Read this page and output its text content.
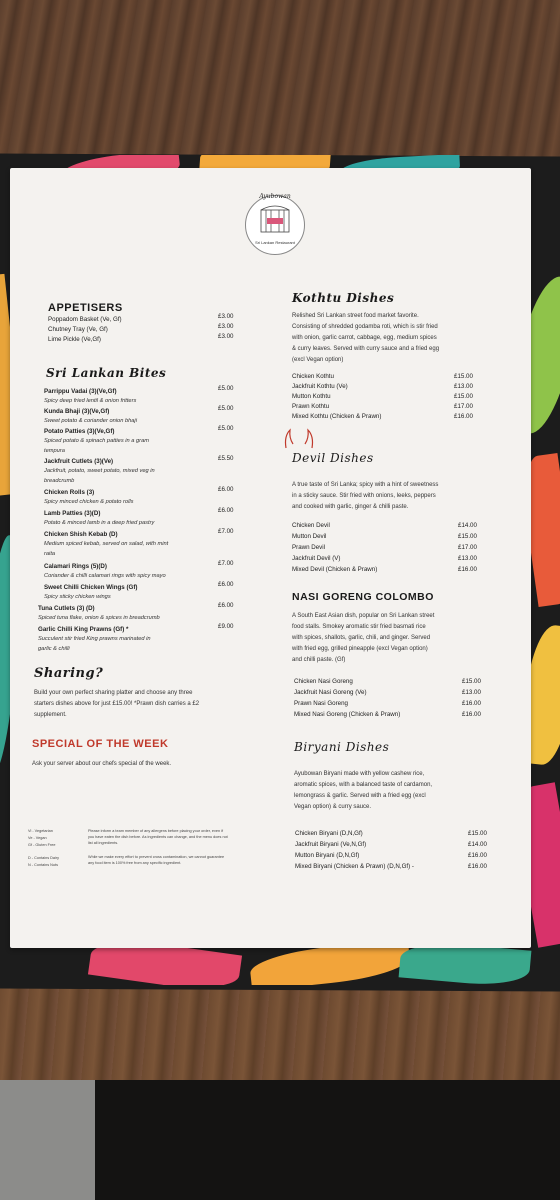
Ayubowan
Sri Lankan Restaurant
APPETISERS
Poppadom Basket (Ve, Gf)	£3.00
Chutney Tray (Ve, Gf)	£3.00
Lime Pickle (Ve,Gf)	£3.00
Sri Lankan Bites
Parrippu Vadai (3)(Ve,Gf)	£5.00
Spicy deep fried lentil & onion fritters
Kunda Bhaji (3)(Ve,Gf)	£5.00
Sweet potato & coriander onion bhaji
Potato Patties (3)(Ve,Gf)	£5.00
Spiced potato & spinach patties in a gram
tempura
Jackfruit Cutlets (3)(Ve)	£5.50
Jackfruit, potato, sweet potato, mixed veg in
breadcrumb
Chicken Rolls (3)	£6.00
Spicy minced chicken & potato rolls
Lamb Patties (3)(D)	£6.00
Potato & minced lamb in a deep fried pastry
Chicken Shish Kebab (D)	£7.00
Medium spiced kebab, served on salad, with mint
raita
Calamari Rings (5)(D)	£7.00
Coriander & chilli calamari rings with spicy mayo
Sweet Chilli Chicken Wings (Gf)	£6.00
Spicy sticky chicken wings
Tuna Cutlets (3) (D)	£6.00
Spiced tuna flake, onion & spices in breadcrumb
Garlic Chilli King Prawns (Gf) *	£9.00
Succulent stir fried King prawns marinated in
garlic & chilli
Sharing?
Build your own perfect sharing platter and choose any three
starters dishes above for just £15.00! *Prawn dish carries a £2
supplement.
SPECIAL OF THE WEEK
Ask your server about our chefs special of the week.
Vi - Vegetarian
Ve - Vegan
Gf - Gluten Free
D - Contains Dairy
N - Contains Nuts
Please inform a team member of any allergens before placing your order, even if
you have eaten the dish before. As ingredients can change, and the menu does not
list all ingredients.
While we make every effort to prevent cross contamination, we cannot guarantee
any food item is 100% free from any specific ingredient.
Kothtu Dishes
Relished Sri Lankan street food market favorite.
Consisting of shredded godamba roti, which is stir fried
with onion, garlic carrot, cabbage, egg, medium spices
& curry leaves. Served with curry sauce and a fried egg
(excl Vegan option)
Chicken Kothtu	£15.00
Jackfruit Kothtu (Ve)	£13.00
Mutton Kothtu	£15.00
Prawn Kothtu	£17.00
Mixed Kothtu (Chicken & Prawn)	£16.00
Devil Dishes
A true taste of Sri Lanka; spicy with a hint of sweetness
in a sticky sauce. Stir fried with onions, leeks, peppers
and cooked with garlic, ginger & chilli paste.
Chicken Devil	£14.00
Mutton Devil	£15.00
Prawn Devil	£17.00
Jackfruit Devil (V)	£13.00
Mixed Devil (Chicken & Prawn)	£16.00
NASI GORENG COLOMBO
A South East Asian dish, popular on Sri Lankan street
food stalls. Smokey aromatic stir fried basmati rice
with spices, shallots, garlic, chili, and ginger. Served
with fried egg, grilled pineapple (excl Vegan option)
and chilli paste. (Gf)
Chicken Nasi Goreng	£15.00
Jackfruit Nasi Goreng (Ve)	£13.00
Prawn Nasi Goreng	£16.00
Mixed Nasi Goreng (Chicken & Prawn)	£16.00
Biryani Dishes
Ayubowan Biryani made with yellow cashew rice,
aromatic spices, with a balanced taste of cardamon,
lemongrass & garlic. Served with a fried egg (excl
Vegan option) & curry sauce.
Chicken Biryani (D,N,Gf)	£15.00
Jackfruit Biryani (Ve,N,Gf)	£14.00
Mutton Biryani (D,N,Gf)	£16.00
Mixed Biryani (Chicken & Prawn) (D,N,Gf) -	£16.00
